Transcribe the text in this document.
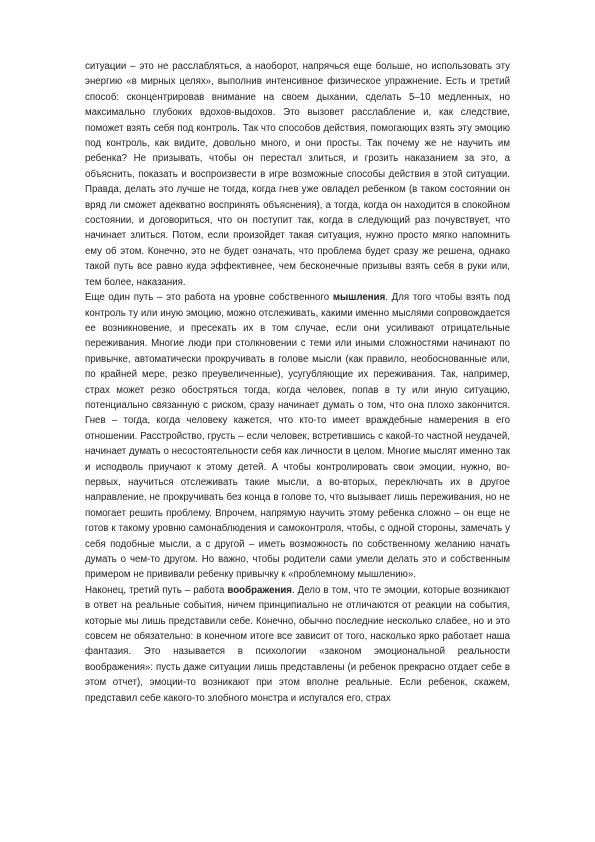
ситуации – это не расслабляться, а наоборот, напрячься еще больше, но использовать эту энергию «в мирных целях», выполнив интенсивное физическое упражнение. Есть и третий способ: сконцентрировав внимание на своем дыхании, сделать 5–10 медленных, но максимально глубоких вдохов-выдохов. Это вызовет расслабление и, как следствие, поможет взять себя под контроль. Так что способов действия, помогающих взять эту эмоцию под контроль, как видите, довольно много, и они просты. Так почему же не научить им ребенка? Не призывать, чтобы он перестал злиться, и грозить наказанием за это, а объяснить, показать и воспроизвести в игре возможные способы действия в этой ситуации. Правда, делать это лучше не тогда, когда гнев уже овладел ребенком (в таком состоянии он вряд ли сможет адекватно воспринять объяснения), а тогда, когда он находится в спокойном состоянии, и договориться, что он поступит так, когда в следующий раз почувствует, что начинает злиться. Потом, если произойдет такая ситуация, нужно просто мягко напомнить ему об этом. Конечно, это не будет означать, что проблема будет сразу же решена, однако такой путь все равно куда эффективнее, чем бесконечные призывы взять себя в руки или, тем более, наказания.

Еще один путь – это работа на уровне собственного мышления. Для того чтобы взять под контроль ту или иную эмоцию, можно отслеживать, какими именно мыслями сопровождается ее возникновение, и пресекать их в том случае, если они усиливают отрицательные переживания. Многие люди при столкновении с теми или иными сложностями начинают по привычке, автоматически прокручивать в голове мысли (как правило, необоснованные или, по крайней мере, резко преувеличенные), усугубляющие их переживания. Так, например, страх может резко обостряться тогда, когда человек, попав в ту или иную ситуацию, потенциально связанную с риском, сразу начинает думать о том, что она плохо закончится. Гнев – тогда, когда человеку кажется, что кто-то имеет враждебные намерения в его отношении. Расстройство, грусть – если человек, встретившись с какой-то частной неудачей, начинает думать о несостоятельности себя как личности в целом. Многие мыслят именно так и исподволь приучают к этому детей. А чтобы контролировать свои эмоции, нужно, во-первых, научиться отслеживать такие мысли, а во-вторых, переключать их в другое направление, не прокручивать без конца в голове то, что вызывает лишь переживания, но не помогает решить проблему. Впрочем, напрямую научить этому ребенка сложно – он еще не готов к такому уровню самонаблюдения и самоконтроля, чтобы, с одной стороны, замечать у себя подобные мысли, а с другой – иметь возможность по собственному желанию начать думать о чем-то другом. Но важно, чтобы родители сами умели делать это и собственным примером не прививали ребенку привычку к «проблемному мышлению».

Наконец, третий путь – работа воображения. Дело в том, что те эмоции, которые возникают в ответ на реальные события, ничем принципиально не отличаются от реакции на события, которые мы лишь представили себе. Конечно, обычно последние несколько слабее, но и это совсем не обязательно: в конечном итоге все зависит от того, насколько ярко работает наша фантазия. Это называется в психологии «законом эмоциональной реальности воображения»: пусть даже ситуации лишь представлены (и ребенок прекрасно отдает себе в этом отчет), эмоции-то возникают при этом вполне реальные. Если ребенок, скажем, представил себе какого-то злобного монстра и испугался его, страх
